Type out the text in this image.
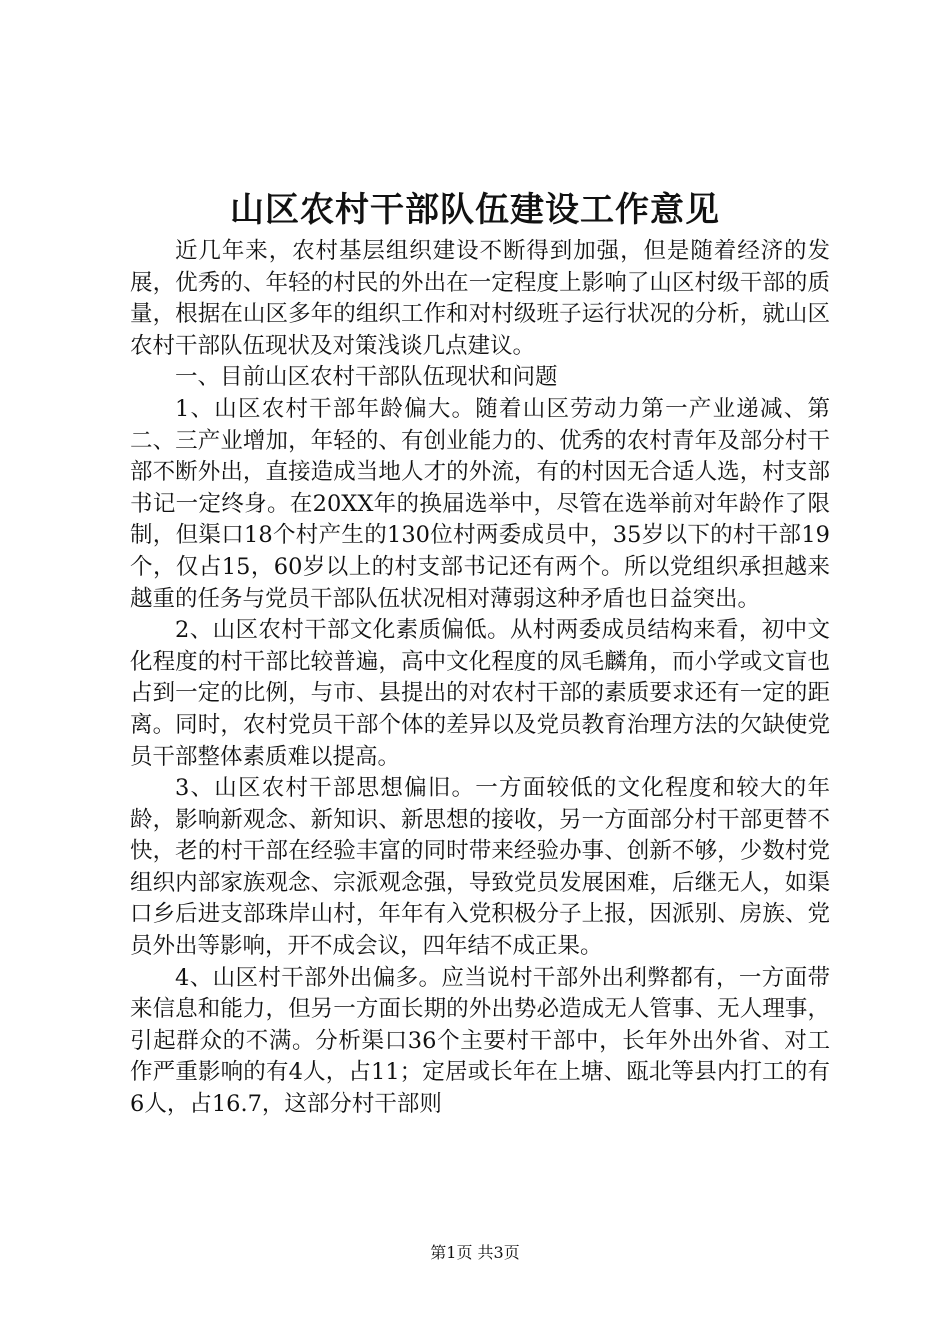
山区农村干部队伍建设工作意见

近几年来，农村基层组织建设不断得到加强，但是随着经济的发展，优秀的、年轻的村民的外出在一定程度上影响了山区村级干部的质量，根据在山区多年的组织工作和对村级班子运行状况的分析，就山区农村干部队伍现状及对策浅谈几点建议。

一、目前山区农村干部队伍现状和问题

1、山区农村干部年龄偏大。随着山区劳动力第一产业递减、第二、三产业增加，年轻的、有创业能力的、优秀的农村青年及部分村干部不断外出，直接造成当地人才的外流，有的村因无合适人选，村支部书记一定终身。在20XX年的换届选举中，尽管在选举前对年龄作了限制，但渠口18个村产生的130位村两委成员中，35岁以下的村干部19个，仅占15，60岁以上的村支部书记还有两个。所以党组织承担越来越重的任务与党员干部队伍状况相对薄弱这种矛盾也日益突出。

2、山区农村干部文化素质偏低。从村两委成员结构来看，初中文化程度的村干部比较普遍，高中文化程度的凤毛麟角，而小学或文盲也占到一定的比例，与市、县提出的对农村干部的素质要求还有一定的距离。同时，农村党员干部个体的差异以及党员教育治理方法的欠缺使党员干部整体素质难以提高。

3、山区农村干部思想偏旧。一方面较低的文化程度和较大的年龄，影响新观念、新知识、新思想的接收，另一方面部分村干部更替不快，老的村干部在经验丰富的同时带来经验办事、创新不够，少数村党组织内部家族观念、宗派观念强，导致党员发展困难，后继无人，如渠口乡后进支部珠岸山村，年年有入党积极分子上报，因派别、房族、党员外出等影响，开不成会议，四年结不成正果。

4、山区村干部外出偏多。应当说村干部外出利弊都有，一方面带来信息和能力，但另一方面长期的外出势必造成无人管事、无人理事，引起群众的不满。分析渠口36个主要村干部中，长年外出外省、对工作严重影响的有4人，占11；定居或长年在上塘、瓯北等县内打工的有6人，占16.7，这部分村干部则

第1页 共3页
